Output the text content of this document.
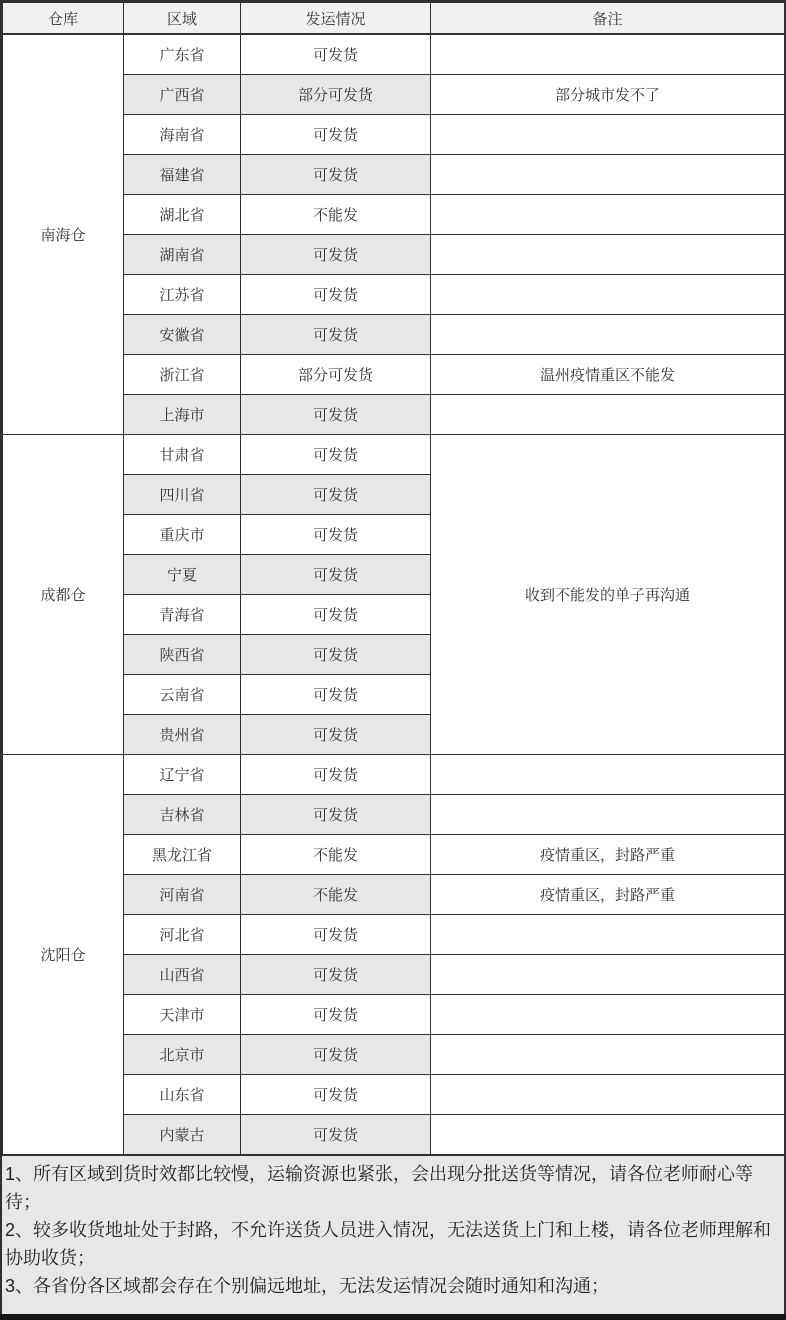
仓库	区域	发运情况	备注
南海仓	广东省	可发货	
	广西省	部分可发货	部分城市发不了
	海南省	可发货	
	福建省	可发货	
	湖北省	不能发	
	湖南省	可发货	
	江苏省	可发货	
	安徽省	可发货	
	浙江省	部分可发货	温州疫情重区不能发
	上海市	可发货	
成都仓	甘肃省	可发货	收到不能发的单子再沟通
	四川省	可发货	
	重庆市	可发货	
	宁夏	可发货	
	青海省	可发货	
	陕西省	可发货	
	云南省	可发货	
	贵州省	可发货	
沈阳仓	辽宁省	可发货	
	吉林省	可发货	
	黑龙江省	不能发	疫情重区，封路严重
	河南省	不能发	疫情重区，封路严重
	河北省	可发货	
	山西省	可发货	
	天津市	可发货	
	北京市	可发货	
	山东省	可发货	
	内蒙古	可发货	

1、所有区域到货时效都比较慢，运输资源也紧张，会出现分批送货等情况，请各位老师耐心等待；

2、较多收货地址处于封路，不允许送货人员进入情况，无法送货上门和上楼，请各位老师理解和协助收货；

3、各省份各区域都会存在个别偏远地址，无法发运情况会随时通知和沟通；
